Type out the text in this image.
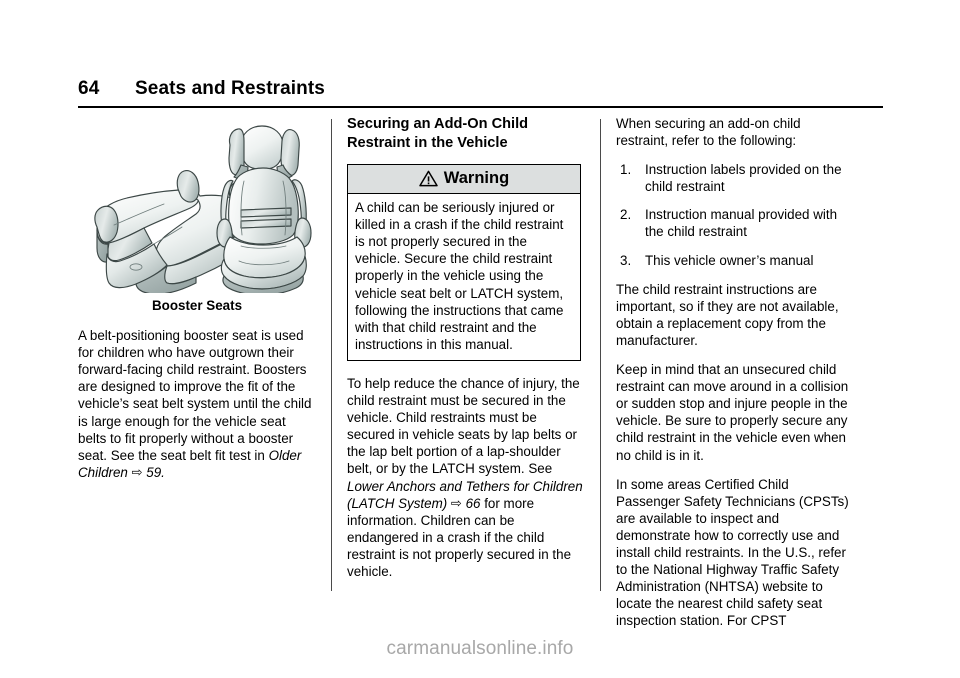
64 Seats and Restraints
Booster Seats

A belt-positioning booster seat is used for children who have outgrown their forward-facing child restraint. Boosters are designed to improve the fit of the vehicle’s seat belt system until the child is large enough for the vehicle seat belts to fit properly without a booster seat. See the seat belt fit test in Older Children ⇨ 59.

Securing an Add-On Child Restraint in the Vehicle
Warning
A child can be seriously injured or killed in a crash if the child restraint is not properly secured in the vehicle. Secure the child restraint properly in the vehicle using the vehicle seat belt or LATCH system, following the instructions that came with that child restraint and the instructions in this manual.

To help reduce the chance of injury, the child restraint must be secured in the vehicle. Child restraints must be secured in vehicle seats by lap belts or the lap belt portion of a lap-shoulder belt, or by the LATCH system. See Lower Anchors and Tethers for Children (LATCH System) ⇨ 66 for more information. Children can be endangered in a crash if the child restraint is not properly secured in the vehicle.

When securing an add-on child restraint, refer to the following:

1. Instruction labels provided on the child restraint
2. Instruction manual provided with the child restraint
3. This vehicle owner’s manual

The child restraint instructions are important, so if they are not available, obtain a replacement copy from the manufacturer.

Keep in mind that an unsecured child restraint can move around in a collision or sudden stop and injure people in the vehicle. Be sure to properly secure any child restraint in the vehicle even when no child is in it.

In some areas Certified Child Passenger Safety Technicians (CPSTs) are available to inspect and demonstrate how to correctly use and install child restraints. In the U.S., refer to the National Highway Traffic Safety Administration (NHTSA) website to locate the nearest child safety seat inspection station. For CPST

carmanualsonline.info
